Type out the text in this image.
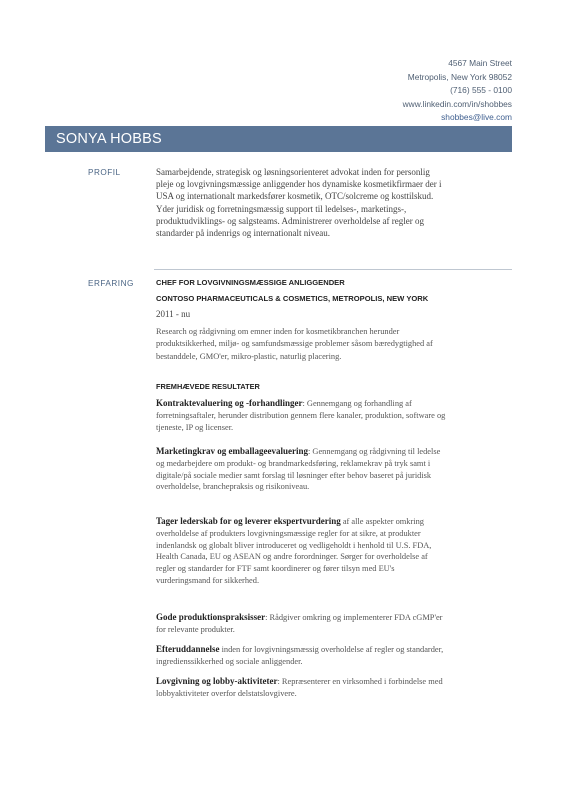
4567 Main Street
Metropolis, New York 98052
(716) 555 - 0100
www.linkedin.com/in/shobbes
shobbes@live.com
SONYA HOBBS
PROFIL	Samarbejdende, strategisk og løsningsorienteret advokat inden for personlig pleje og lovgivningsmæssige anliggender hos dynamiske kosmetikfirmaer der i USA og internationalt markedsfører kosmetik, OTC/solcreme og kosttilskud. Yder juridisk og forretningsmæssig support til ledelses-, marketings-, produktudviklings- og salgsteams. Administrerer overholdelse af regler og standarder på indenrigs og internationalt niveau.
ERFARING	CHEF FOR LOVGIVNINGSMÆSSIGE ANLIGGENDER
CONTOSO PHARMACEUTICALS & COSMETICS, METROPOLIS, NEW YORK
2011 - nu
Research og rådgivning om emner inden for kosmetikbranchen herunder produktsikkerhed, miljø- og samfundsmæssige problemer såsom bæredygtighed af bestanddele, GMO'er, mikro-plastic, naturlig placering.
FREMHÆVEDE RESULTATER
Kontraktevaluering og -forhandlinger: Gennemgang og forhandling af forretningsaftaler, herunder distribution gennem flere kanaler, produktion, software og tjeneste, IP og licenser.
Marketingkrav og emballageevaluering: Gennemgang og rådgivning til ledelse og medarbejdere om produkt- og brandmarkedsføring, reklamekrav på tryk samt i digitale/på sociale medier samt forslag til løsninger efter behov baseret på juridisk overholdelse, branchepraksis og risikoniveau.
Tager lederskab for og leverer ekspertvurdering af alle aspekter omkring overholdelse af produkters lovgivningsmæssige regler for at sikre, at produkter indenlandsk og globalt bliver introduceret og vedligeholdt i henhold til U.S. FDA, Health Canada, EU og ASEAN og andre forordninger. Sørger for overholdelse af regler og standarder for FTF samt koordinerer og fører tilsyn med EU's vurderingsmand for sikkerhed.
Gode produktionspraksisser: Rådgiver omkring og implementerer FDA cGMP'er for relevante produkter.
Efteruddannelse inden for lovgivningsmæssig overholdelse af regler og standarder, ingredienssikkerhed og sociale anliggender.
Lovgivning og lobby-aktiviteter: Repræsenterer en virksomhed i forbindelse med lobbyaktiviteter overfor delstatslovgivere.
